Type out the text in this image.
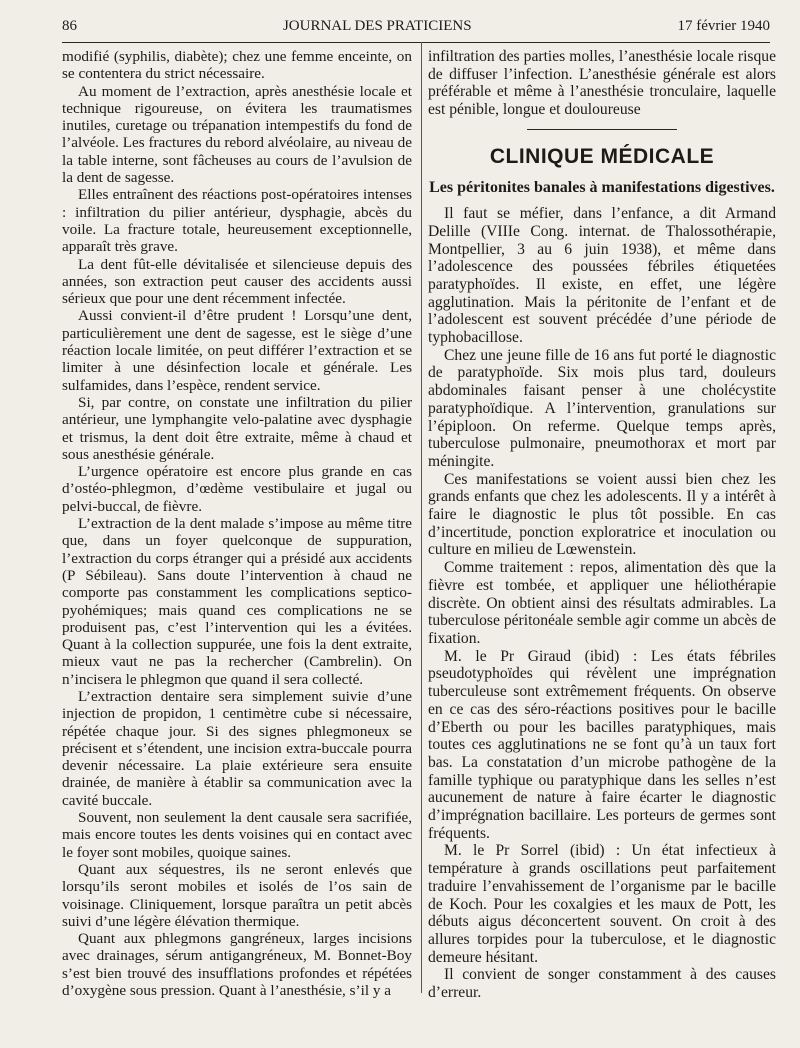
86	JOURNAL DES PRATICIENS	17 février 1940

modifié (syphilis, diabète); chez une femme enceinte, on se contentera du strict nécessaire.

Au moment de l’extraction, après anesthésie locale et technique rigoureuse, on évitera les traumatismes inutiles, curetage ou trépanation intempestifs du fond de l’alvéole. Les fractures du rebord alvéolaire, au niveau de la table interne, sont fâcheuses au cours de l’avulsion de la dent de sagesse.

Elles entraînent des réactions post-opératoires intenses : infiltration du pilier antérieur, dysphagie, abcès du voile. La fracture totale, heureusement exceptionnelle, apparaît très grave.

La dent fût-elle dévitalisée et silencieuse depuis des années, son extraction peut causer des accidents aussi sérieux que pour une dent récemment infectée.

Aussi convient-il d’être prudent ! Lorsqu’une dent, particulièrement une dent de sagesse, est le siège d’une réaction locale limitée, on peut différer l’extraction et se limiter à une désinfection locale et générale. Les sulfamides, dans l’espèce, rendent service.

Si, par contre, on constate une infiltration du pilier antérieur, une lymphangite velo-palatine avec dysphagie et trismus, la dent doit être extraite, même à chaud et sous anesthésie générale.

L’urgence opératoire est encore plus grande en cas d’ostéo-phlegmon, d’œdème vestibulaire et jugal ou pelvi-buccal, de fièvre.

L’extraction de la dent malade s’impose au même titre que, dans un foyer quelconque de suppuration, l’extraction du corps étranger qui a présidé aux accidents (P Sébileau). Sans doute l’intervention à chaud ne comporte pas constamment les complications septico-pyohémiques; mais quand ces complications ne se produisent pas, c’est l’intervention qui les a évitées. Quant à la collection suppurée, une fois la dent extraite, mieux vaut ne pas la rechercher (Cambrelin). On n’incisera le phlegmon que quand il sera collecté.

L’extraction dentaire sera simplement suivie d’une injection de propidon, 1 centimètre cube si nécessaire, répétée chaque jour. Si des signes phlegmoneux se précisent et s’étendent, une incision extra-buccale pourra devenir nécessaire. La plaie extérieure sera ensuite drainée, de manière à établir sa communication avec la cavité buccale.

Souvent, non seulement la dent causale sera sacrifiée, mais encore toutes les dents voisines qui en contact avec le foyer sont mobiles, quoique saines.

Quant aux séquestres, ils ne seront enlevés que lorsqu’ils seront mobiles et isolés de l’os sain de voisinage. Cliniquement, lorsque paraîtra un petit abcès suivi d’une légère élévation thermique.

Quant aux phlegmons gangréneux, larges incisions avec drainages, sérum antigangréneux, M. Bonnet-Boy s’est bien trouvé des insufflations profondes et répétées d’oxygène sous pression. Quant à l’anesthésie, s’il y a

infiltration des parties molles, l’anesthésie locale risque de diffuser l’infection. L’anesthésie générale est alors préférable et même à l’anesthésie tronculaire, laquelle est pénible, longue et douloureuse

CLINIQUE MÉDICALE
Les péritonites banales à manifestations digestives.

Il faut se méfier, dans l’enfance, a dit Armand Delille (VIIIe Cong. internat. de Thalossothérapie, Montpellier, 3 au 6 juin 1938), et même dans l’adolescence des poussées fébriles étiquetées paratyphoïdes. Il existe, en effet, une légère agglutination. Mais la péritonite de l’enfant et de l’adolescent est souvent précédée d’une période de typhobacillose.

Chez une jeune fille de 16 ans fut porté le diagnostic de paratyphoïde. Six mois plus tard, douleurs abdominales faisant penser à une cholécystite paratyphoïdique. A l’intervention, granulations sur l’épiploon. On referme. Quelque temps après, tuberculose pulmonaire, pneumothorax et mort par méningite.

Ces manifestations se voient aussi bien chez les grands enfants que chez les adolescents. Il y a intérêt à faire le diagnostic le plus tôt possible. En cas d’incertitude, ponction exploratrice et inoculation ou culture en milieu de Lœwenstein.

Comme traitement : repos, alimentation dès que la fièvre est tombée, et appliquer une héliothérapie discrète. On obtient ainsi des résultats admirables. La tuberculose péritonéale semble agir comme un abcès de fixation.

M. le Pr Giraud (ibid) : Les états fébriles pseudotyphoïdes qui révèlent une imprégnation tuberculeuse sont extrêmement fréquents. On observe en ce cas des séro-réactions positives pour le bacille d’Eberth ou pour les bacilles paratyphiques, mais toutes ces agglutinations ne se font qu’à un taux fort bas. La constatation d’un microbe pathogène de la famille typhique ou paratyphique dans les selles n’est aucunement de nature à faire écarter le diagnostic d’imprégnation bacillaire. Les porteurs de germes sont fréquents.

M. le Pr Sorrel (ibid) : Un état infectieux à température à grands oscillations peut parfaitement traduire l’envahissement de l’organisme par le bacille de Koch. Pour les coxalgies et les maux de Pott, les débuts aigus déconcertent souvent. On croit à des allures torpides pour la tuberculose, et le diagnostic demeure hésitant.

Il convient de songer constamment à des causes d’erreur.
